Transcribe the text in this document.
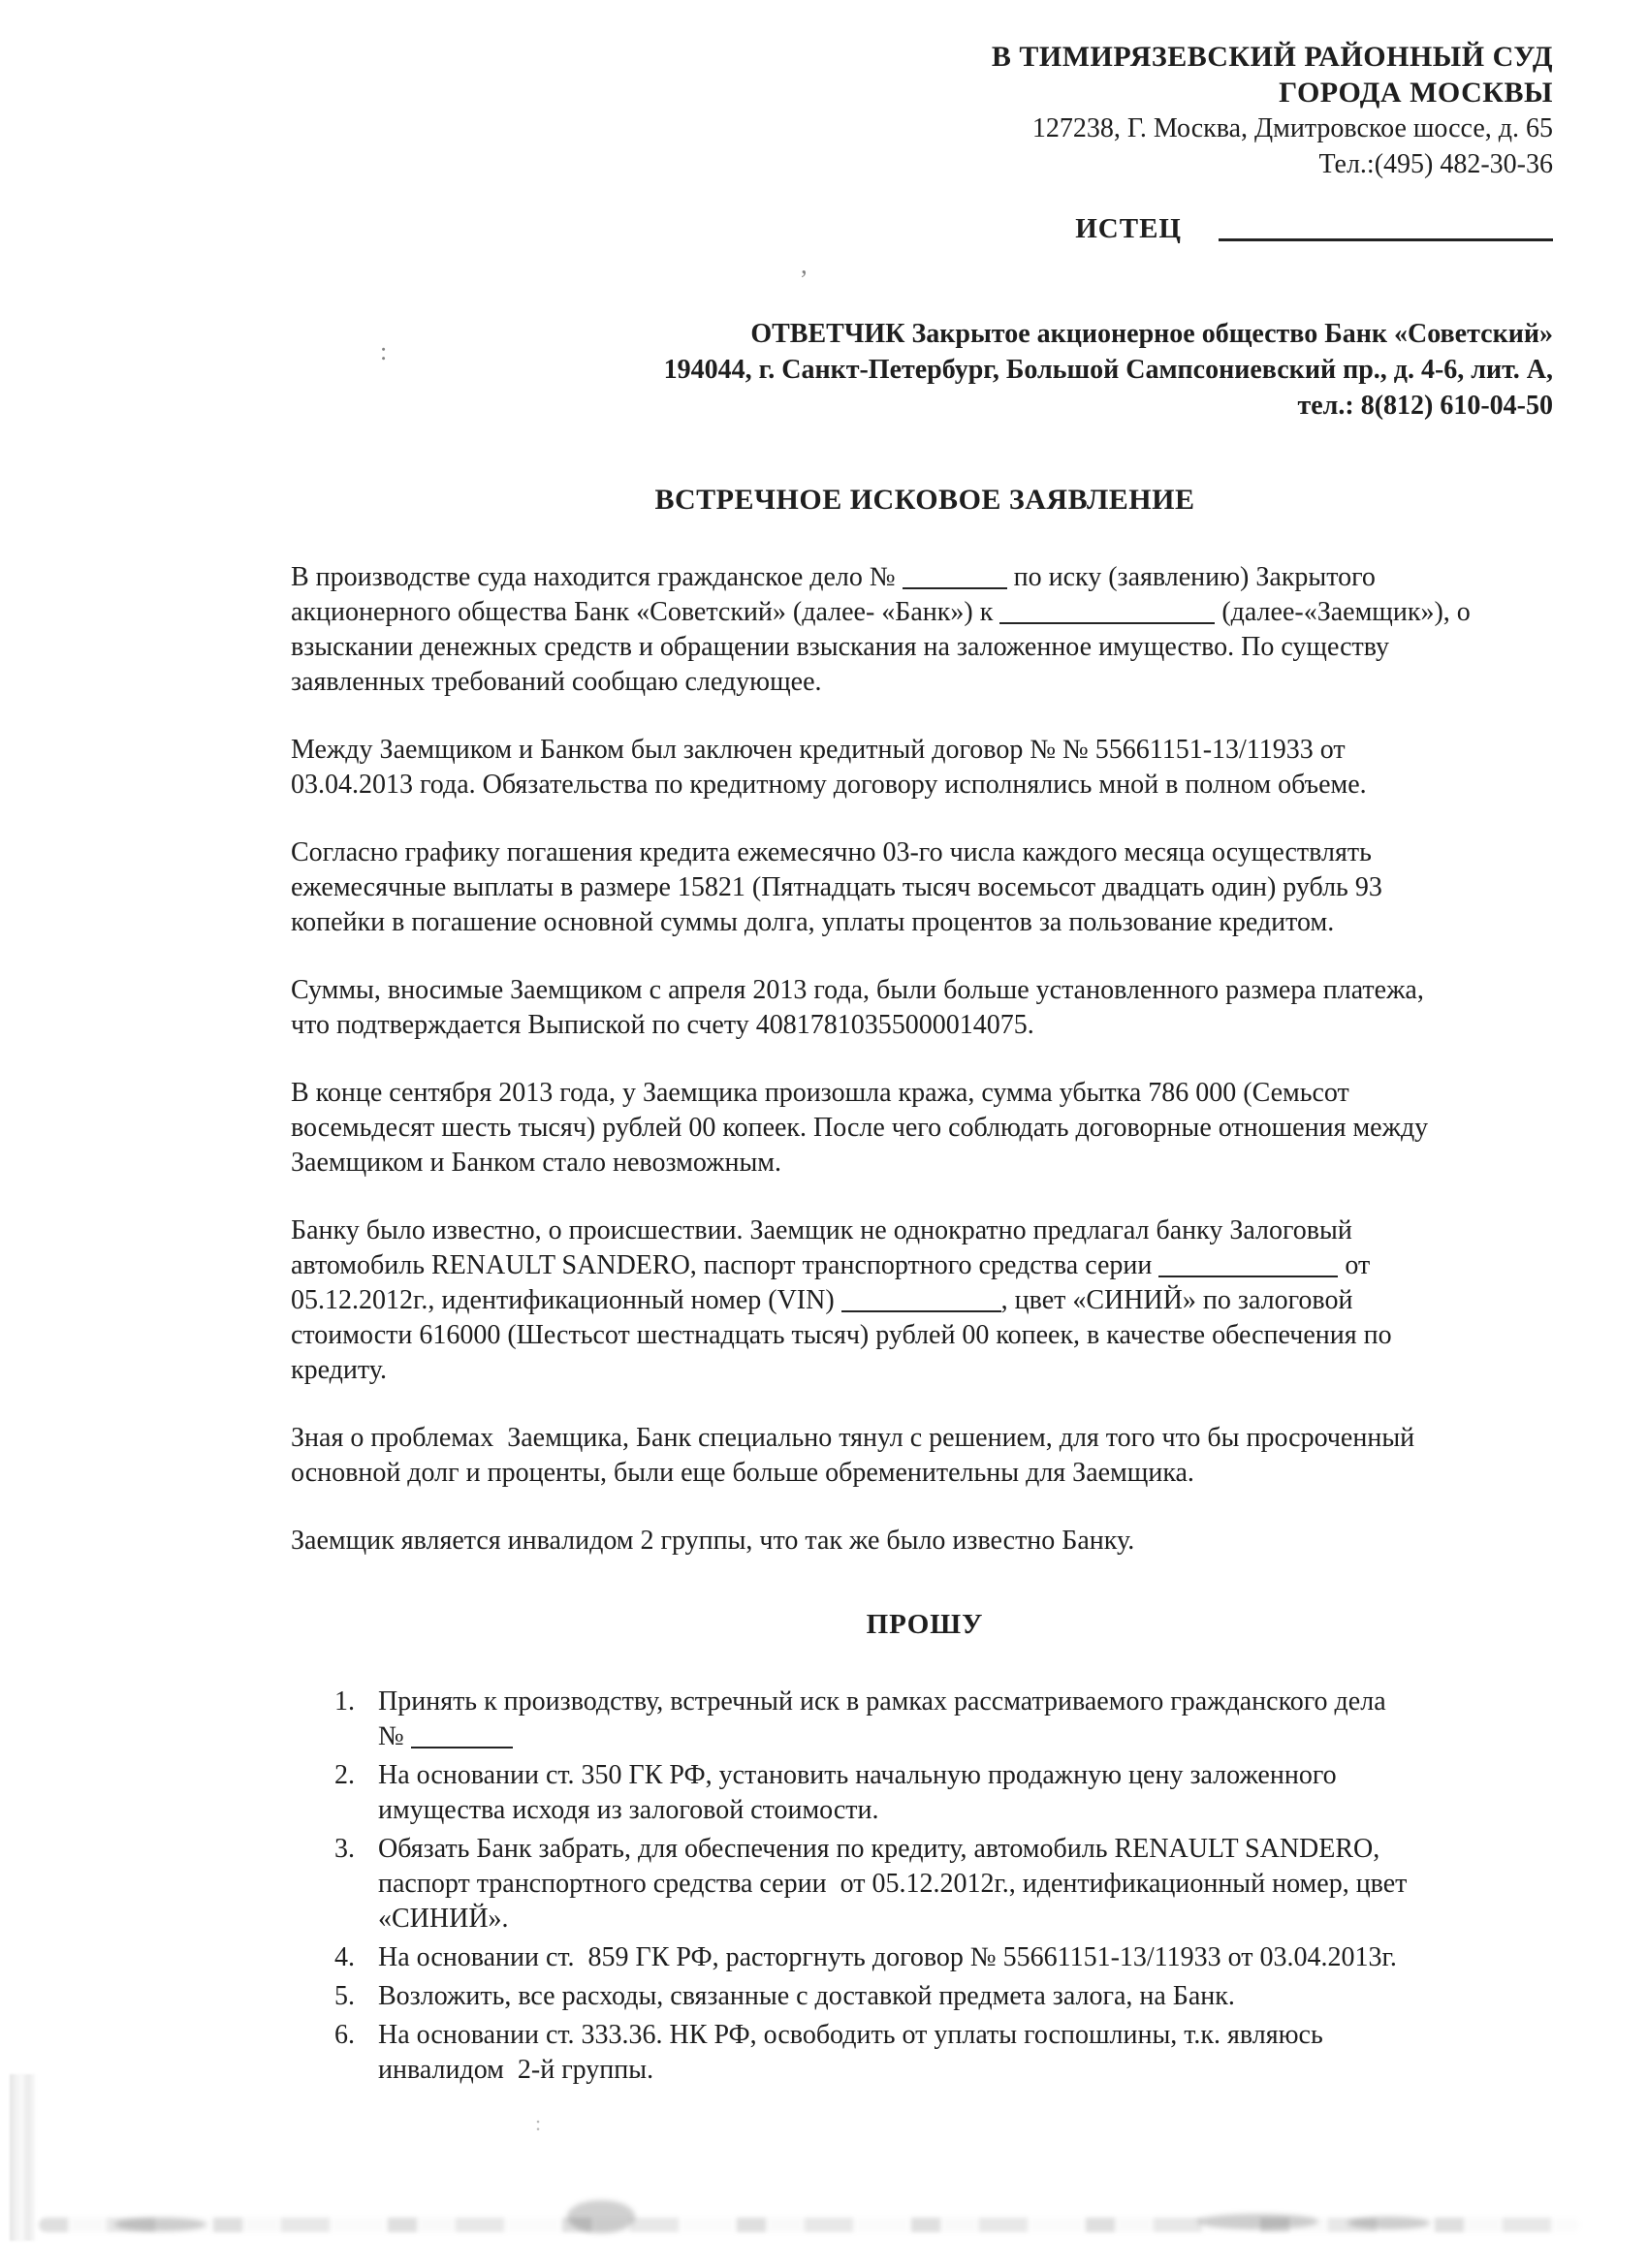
В ТИМИРЯЗЕВСКИЙ РАЙОННЫЙ СУД
ГОРОДА МОСКВЫ
127238, Г. Москва, Дмитровское шоссе, д. 65
Тел.:(495) 482-30-36
ИСТЕЦ
ОТВЕТЧИК Закрытое акционерное общество Банк «Советский»
194044, г. Санкт-Петербург, Большой Сампсониевский пр., д. 4-6, лит. А,
тел.: 8(812) 610-04-50
ВСТРЕЧНОЕ ИСКОВОЕ ЗАЯВЛЕНИЕ
В производстве суда находится гражданское дело №	по иску (заявлению) Закрытого
акционерного общества Банк «Советский» (далее- «Банк») к	(далее-«Заемщик»), о
взыскании денежных средств и обращении взыскания на заложенное имущество. По существу
заявленных требований сообщаю следующее.
Между Заемщиком и Банком был заключен кредитный договор № № 55661151-13/11933 от
03.04.2013 года. Обязательства по кредитному договору исполнялись мной в полном объеме.
Согласно графику погашения кредита ежемесячно 03-го числа каждого месяца осуществлять
ежемесячные выплаты в размере 15821 (Пятнадцать тысяч восемьсот двадцать один) рубль 93
копейки в погашение основной суммы долга, уплаты процентов за пользование кредитом.
Суммы, вносимые Заемщиком с апреля 2013 года, были больше установленного размера платежа,
что подтверждается Выпиской по счету 40817810355000014075.
В конце сентября 2013 года, у Заемщика произошла кража, сумма убытка 786 000 (Семьсот
восемьдесят шесть тысяч) рублей 00 копеек. После чего соблюдать договорные отношения между
Заемщиком и Банком стало невозможным.
Банку было известно, о происшествии. Заемщик не однократно предлагал банку Залоговый
автомобиль RENAULT SANDERO, паспорт транспортного средства серии	от
05.12.2012г., идентификационный номер (VIN)	, цвет «СИНИЙ» по залоговой
стоимости 616000 (Шестьсот шестнадцать тысяч) рублей 00 копеек, в качестве обеспечения по
кредиту.
Зная о проблемах  Заемщика, Банк специально тянул с решением, для того что бы просроченный
основной долг и проценты, были еще больше обременительны для Заемщика.
Заемщик является инвалидом 2 группы, что так же было известно Банку.
ПРОШУ
1. Принять к производству, встречный иск в рамках рассматриваемого гражданского дела
№
2. На основании ст. 350 ГК РФ, установить начальную продажную цену заложенного
имущества исходя из залоговой стоимости.
3. Обязать Банк забрать, для обеспечения по кредиту, автомобиль RENAULT SANDERO,
паспорт транспортного средства серии  от 05.12.2012г., идентификационный номер, цвет
«СИНИЙ».
4. На основании ст.  859 ГК РФ, расторгнуть договор № 55661151-13/11933 от 03.04.2013г.
5. Возложить, все расходы, связанные с доставкой предмета залога, на Банк.
6. На основании ст. 333.36. НК РФ, освободить от уплаты госпошлины, т.к. являюсь
инвалидом  2-й группы.
:
,
:
